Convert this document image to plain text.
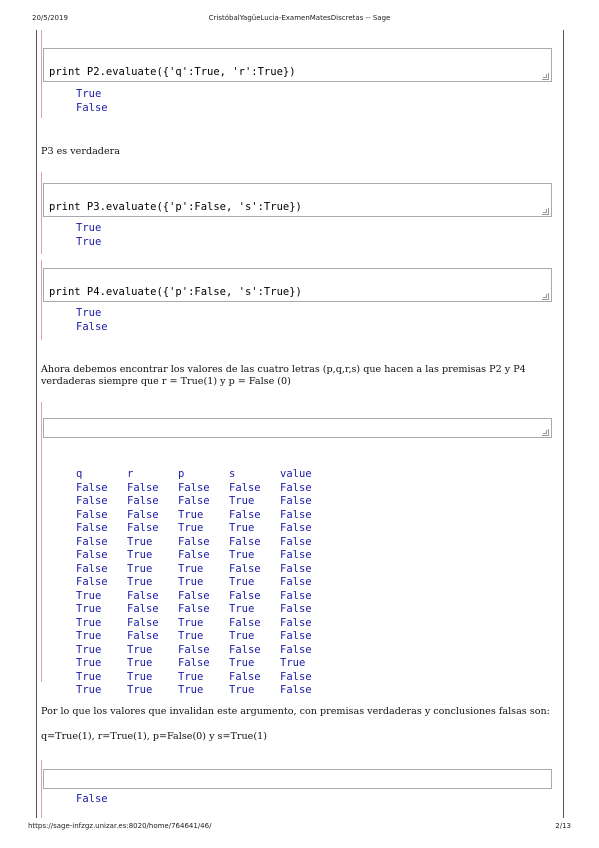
20/5/2019	CristóbalYagüeLucia-ExamenMatesDiscretas -- Sage

print P2.evaluate({'q':True, 'r':True})
True
False
P3 es verdadera

print P3.evaluate({'p':False, 's':True})
True
True

print P4.evaluate({'p':False, 's':True})
True
False
Ahora debemos encontrar los valores de las cuatro letras (p,q,r,s) que hacen a las premisas P2 y P4 verdaderas siempre que r = True(1) y p = False (0)

q	r	p	s	value
False	False	False	False	False
False	False	False	True	False
False	False	True	False	False
False	False	True	True	False
False	True	False	False	False
False	True	False	True	False
False	True	True	False	False
False	True	True	True	False
True	False	False	False	False
True	False	False	True	False
True	False	True	False	False
True	False	True	True	False
True	True	False	False	False
True	True	False	True	True
True	True	True	False	False
True	True	True	True	False

Por lo que los valores que invalidan este argumento, con premisas verdaderas y conclusiones falsas son:
q=True(1), r=True(1), p=False(0) y s=True(1)

False
https://sage-infzgz.unizar.es:8020/home/764641/46/	2/13
